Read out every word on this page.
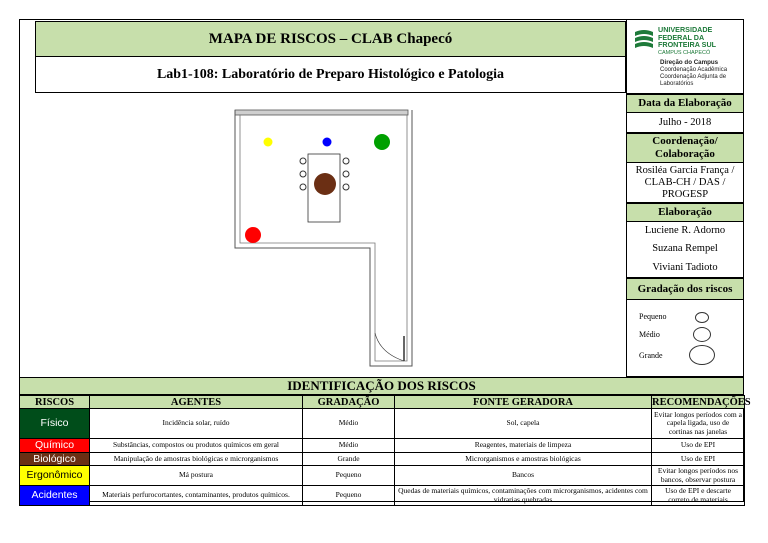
MAPA DE RISCOS – CLAB Chapecó
Lab1-108: Laboratório de Preparo Histológico e Patologia
UNIVERSIDADE
FEDERAL DA
FRONTEIRA SUL
CAMPUS CHAPECÓ
Direção do Campus
Coordenação Acadêmica
Coordenação Adjunta de
Laboratórios
Data da Elaboração
Julho - 2018
Coordenação/ Colaboração
Rosiléa Garcia França / CLAB-CH / DAS / PROGESP
Elaboração
Luciene R. Adorno
Suzana Rempel
Viviani Tadioto
Gradação dos riscos
Pequeno
Médio
Grande
IDENTIFICAÇÃO DOS RISCOS
RISCOS	AGENTES	GRADAÇÃO	FONTE GERADORA	RECOMENDAÇÕES
Físico	Incidência solar, ruído	Médio	Sol, capela	Evitar longos períodos com a capela ligada, uso de cortinas nas janelas
Químico	Substâncias, compostos ou produtos químicos em geral	Médio	Reagentes, materiais de limpeza	Uso de EPI
Biológico	Manipulação de amostras biológicas e microrganismos	Grande	Microrganismos e amostras biológicas	Uso de EPI
Ergonômico	Má postura	Pequeno	Bancos	Evitar longos períodos nos bancos, observar postura
Acidentes	Materiais perfurocortantes, contaminantes, produtos químicos.	Pequeno	Quedas de materiais químicos, contaminações com microrganismos, acidentes com vidrarias quebradas	Uso de EPI e descarte correto de materiais
